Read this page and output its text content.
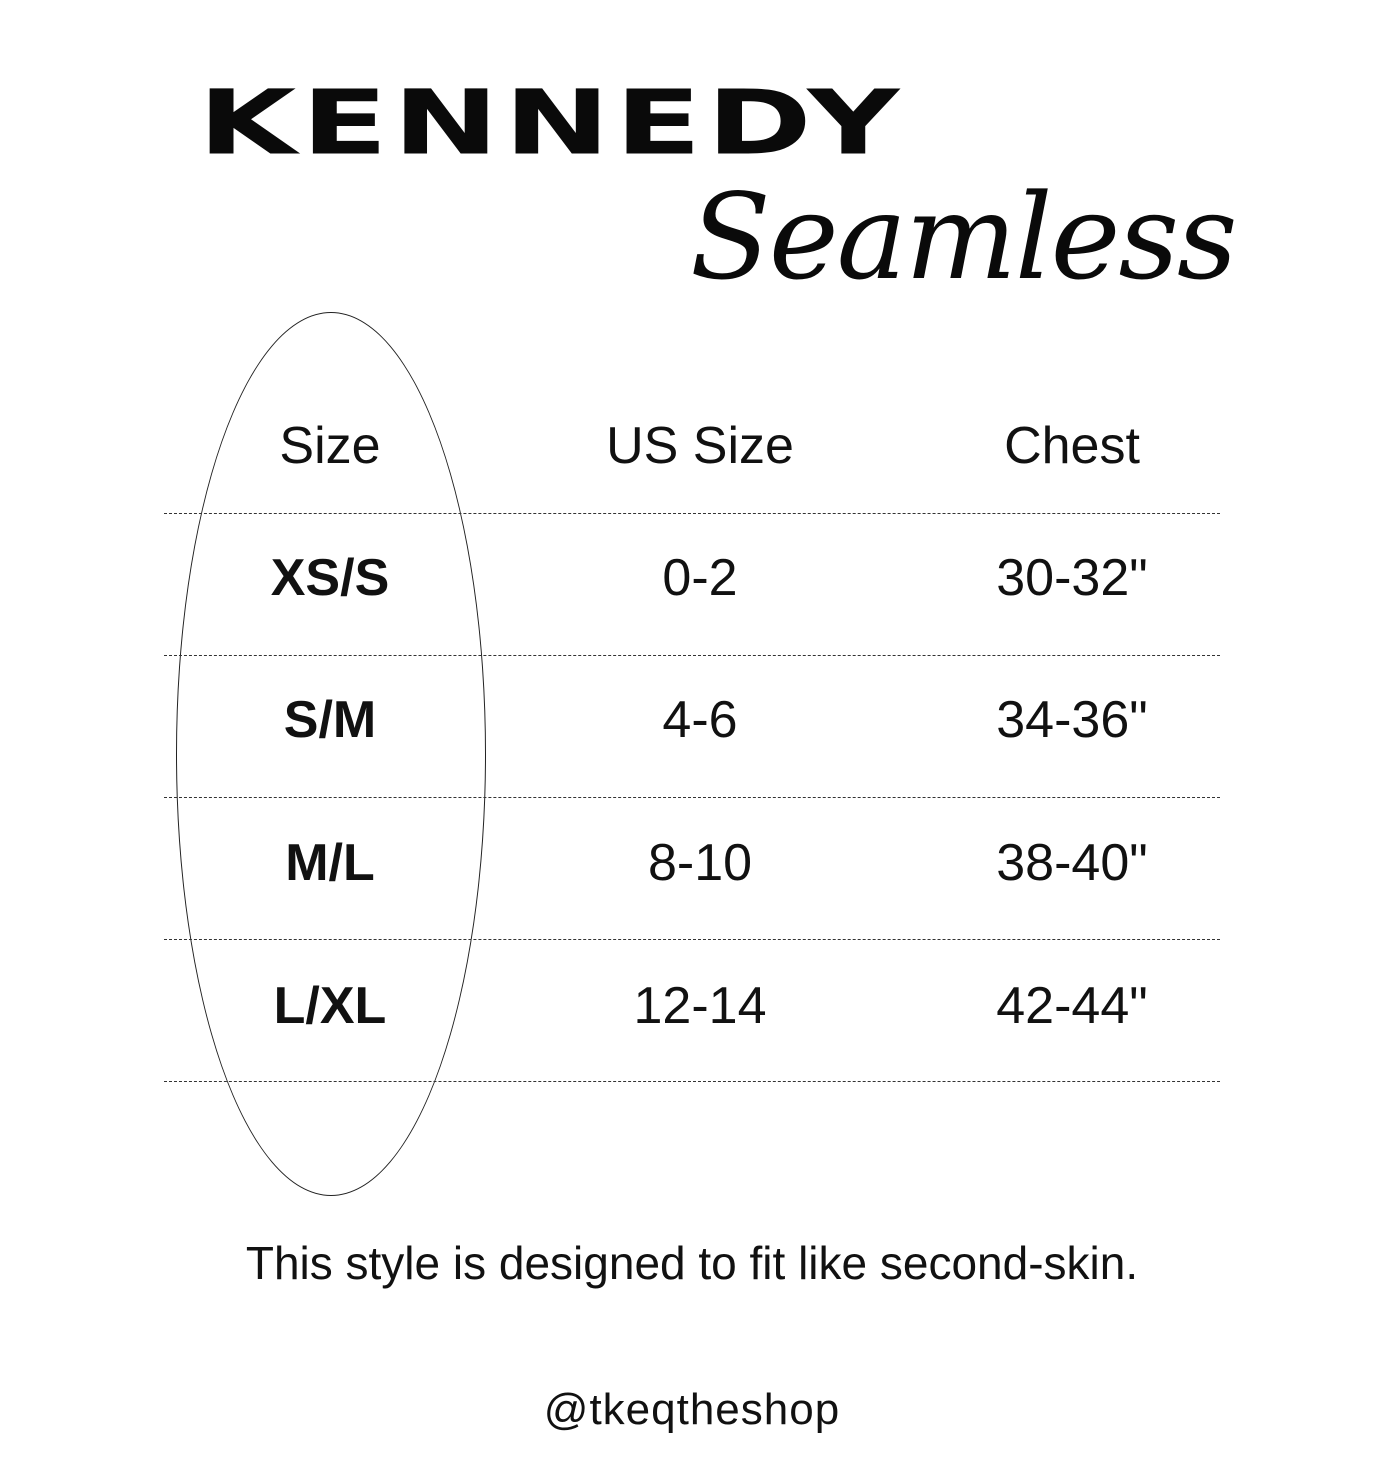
KENNEDY
Seamless
Size	US Size	Chest
XS/S	0-2	30-32"
S/M	4-6	34-36"
M/L	8-10	38-40"
L/XL	12-14	42-44"
This style is designed to fit like second-skin.
@tkeqtheshop
